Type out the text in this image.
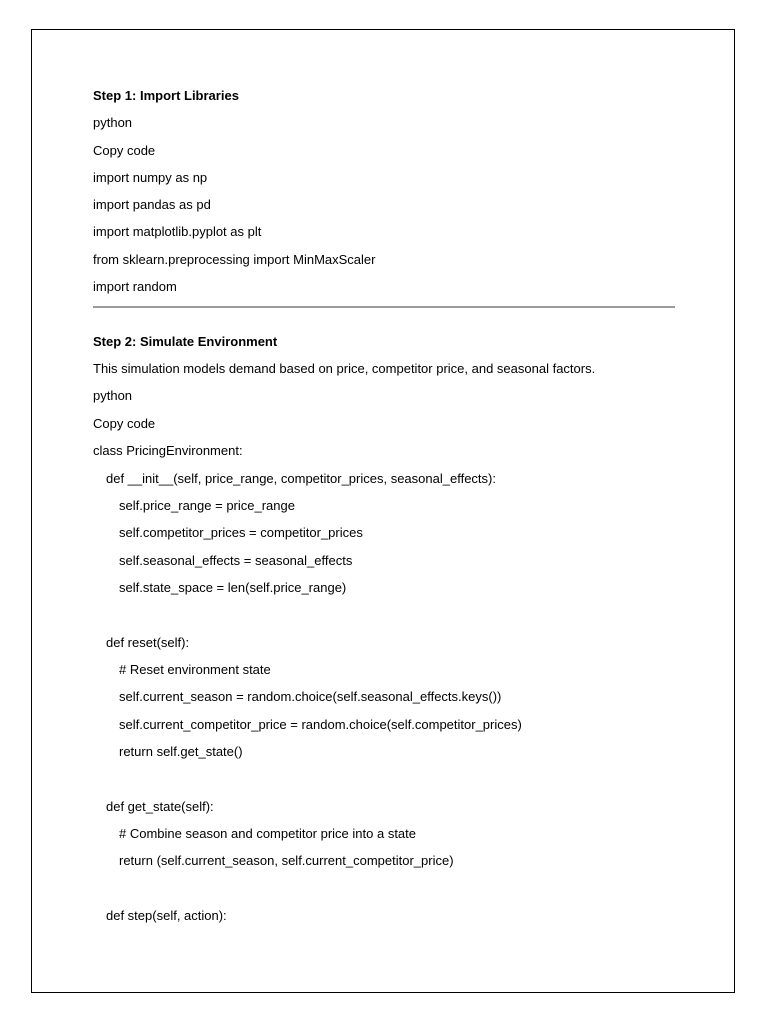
Step 1: Import Libraries
python
Copy code
import numpy as np
import pandas as pd
import matplotlib.pyplot as plt
from sklearn.preprocessing import MinMaxScaler
import random
Step 2: Simulate Environment
This simulation models demand based on price, competitor price, and seasonal factors.
python
Copy code
class PricingEnvironment:
def __init__(self, price_range, competitor_prices, seasonal_effects):
self.price_range = price_range
self.competitor_prices = competitor_prices
self.seasonal_effects = seasonal_effects
self.state_space = len(self.price_range)
def reset(self):
# Reset environment state
self.current_season = random.choice(self.seasonal_effects.keys())
self.current_competitor_price = random.choice(self.competitor_prices)
return self.get_state()
def get_state(self):
# Combine season and competitor price into a state
return (self.current_season, self.current_competitor_price)
def step(self, action):
